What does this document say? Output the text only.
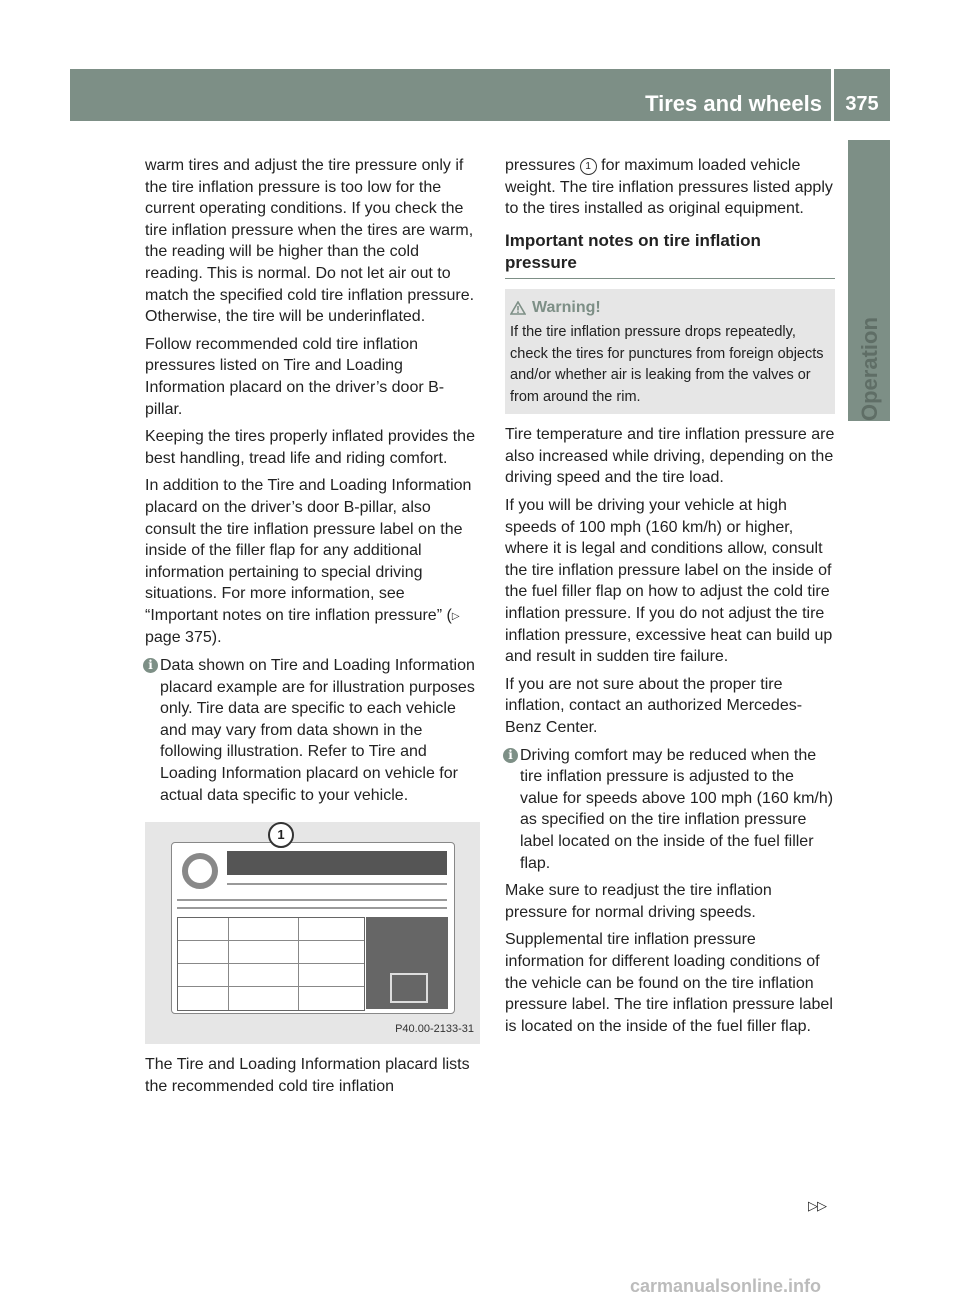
Tires and wheels	375
Operation

warm tires and adjust the tire pressure only if the tire inflation pressure is too low for the current operating conditions. If you check the tire inflation pressure when the tires are warm, the reading will be higher than the cold reading. This is normal. Do not let air out to match the specified cold tire inflation pressure. Otherwise, the tire will be underinflated.

Follow recommended cold tire inflation pressures listed on Tire and Loading Information placard on the driver’s door B-pillar.

Keeping the tires properly inflated provides the best handling, tread life and riding comfort.

In addition to the Tire and Loading Information placard on the driver’s door B-pillar, also consult the tire inflation pressure label on the inside of the filler flap for any additional information pertaining to special driving situations. For more information, see “Important notes on tire inflation pressure” (▷ page 375).

i Data shown on Tire and Loading Information placard example are for illustration purposes only. Tire data are specific to each vehicle and may vary from data shown in the following illustration. Refer to Tire and Loading Information placard on vehicle for actual data specific to your vehicle.
1
P40.00-2133-31

The Tire and Loading Information placard lists the recommended cold tire inflation

pressures 1 for maximum loaded vehicle weight. The tire inflation pressures listed apply to the tires installed as original equipment.

Important notes on tire inflation pressure
Warning!
If the tire inflation pressure drops repeatedly, check the tires for punctures from foreign objects and/or whether air is leaking from the valves or from around the rim.

Tire temperature and tire inflation pressure are also increased while driving, depending on the driving speed and the tire load.

If you will be driving your vehicle at high speeds of 100 mph (160 km/h) or higher, where it is legal and conditions allow, consult the tire inflation pressure label on the inside of the fuel filler flap on how to adjust the cold tire inflation pressure. If you do not adjust the tire inflation pressure, excessive heat can build up and result in sudden tire failure.

If you are not sure about the proper tire inflation, contact an authorized Mercedes-Benz Center.

i Driving comfort may be reduced when the tire inflation pressure is adjusted to the value for speeds above 100 mph (160 km/h) as specified on the tire inflation pressure label located on the inside of the fuel filler flap.

Make sure to readjust the tire inflation pressure for normal driving speeds.

Supplemental tire inflation pressure information for different loading conditions of the vehicle can be found on the tire inflation pressure label. The tire inflation pressure label is located on the inside of the fuel filler flap.

▷▷
carmanualsonline.info
